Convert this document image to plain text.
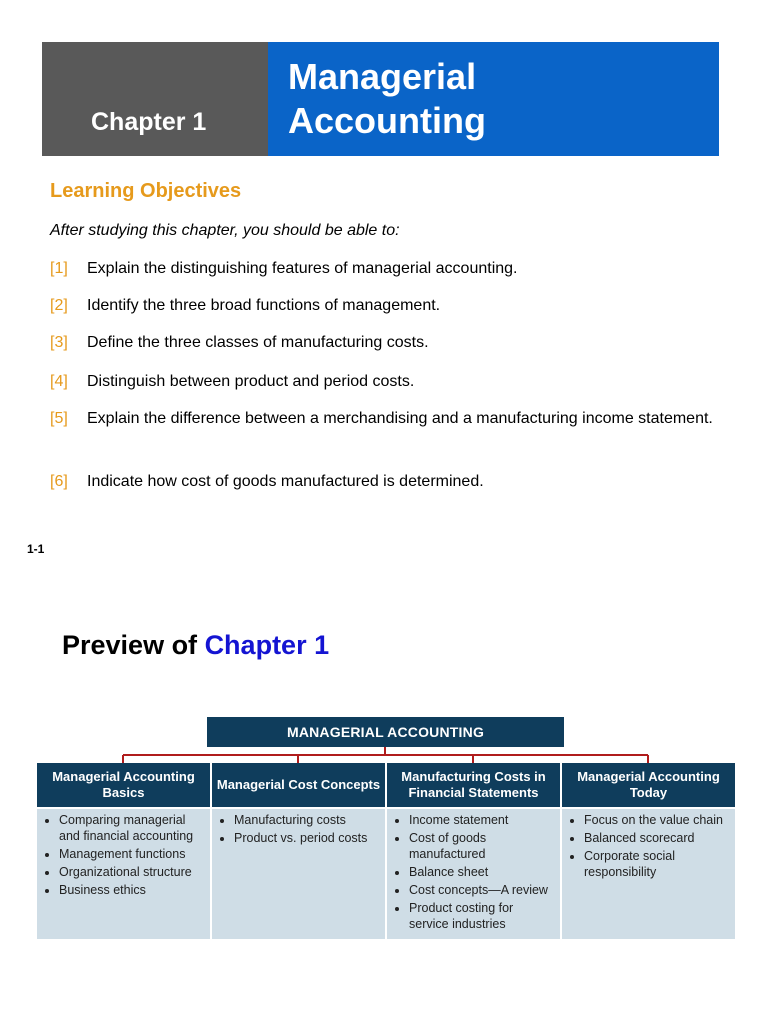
Chapter 1
Managerial
Accounting
Learning Objectives
After studying this chapter, you should be able to:
[1]	Explain the distinguishing features of managerial accounting.
[2]	Identify the three broad functions of management.
[3]	Define the three classes of manufacturing costs.
[4]	Distinguish between product and period costs.
[5]	Explain the difference between a merchandising and a manufacturing income statement.
[6]	Indicate how cost of goods manufactured is determined.
1-1
Preview of Chapter 1
MANAGERIAL ACCOUNTING
Managerial Accounting Basics
Managerial Cost Concepts
Manufacturing Costs in Financial Statements
Managerial Accounting Today
• Comparing managerial and financial accounting
• Management functions
• Organizational structure
• Business ethics
• Manufacturing costs
• Product vs. period costs
• Income statement
• Cost of goods manufactured
• Balance sheet
• Cost concepts—A review
• Product costing for service industries
• Focus on the value chain
• Balanced scorecard
• Corporate social responsibility
